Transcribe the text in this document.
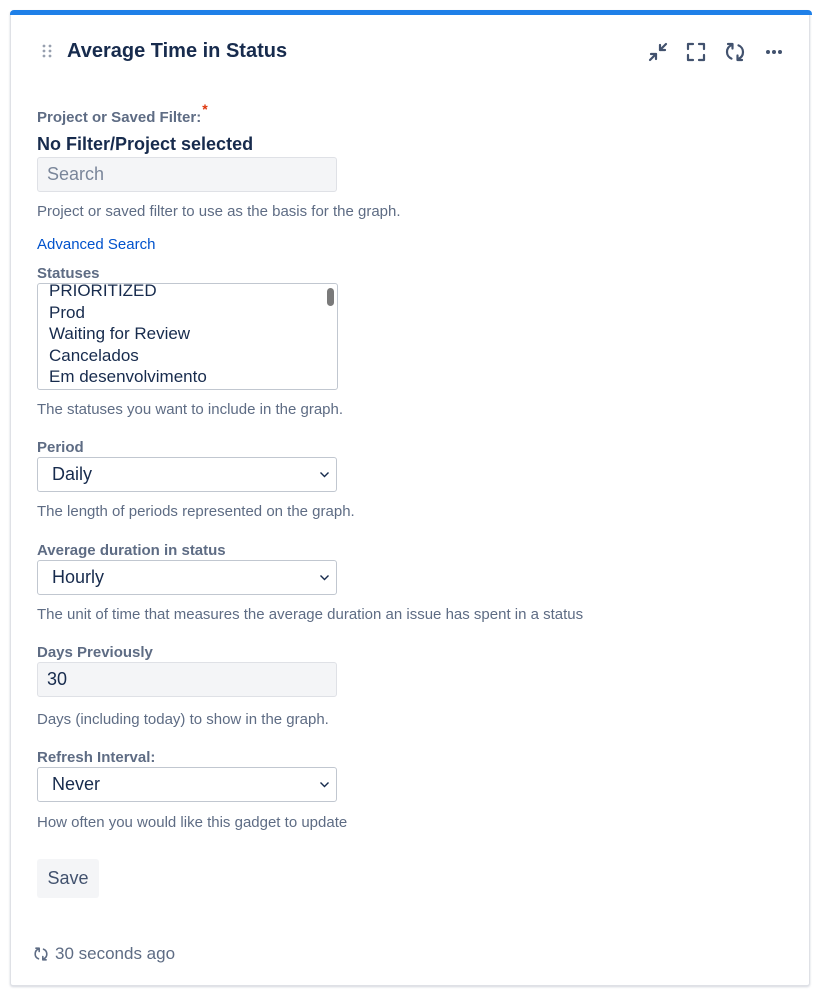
Average Time in Status
Project or Saved Filter:*
No Filter/Project selected
Search
Project or saved filter to use as the basis for the graph.
Advanced Search
Statuses
PRIORITIZED
Prod
Waiting for Review
Cancelados
Em desenvolvimento
The statuses you want to include in the graph.
Period
Daily
The length of periods represented on the graph.
Average duration in status
Hourly
The unit of time that measures the average duration an issue has spent in a status
Days Previously
30
Days (including today) to show in the graph.
Refresh Interval:
Never
How often you would like this gadget to update
Save
30 seconds ago
